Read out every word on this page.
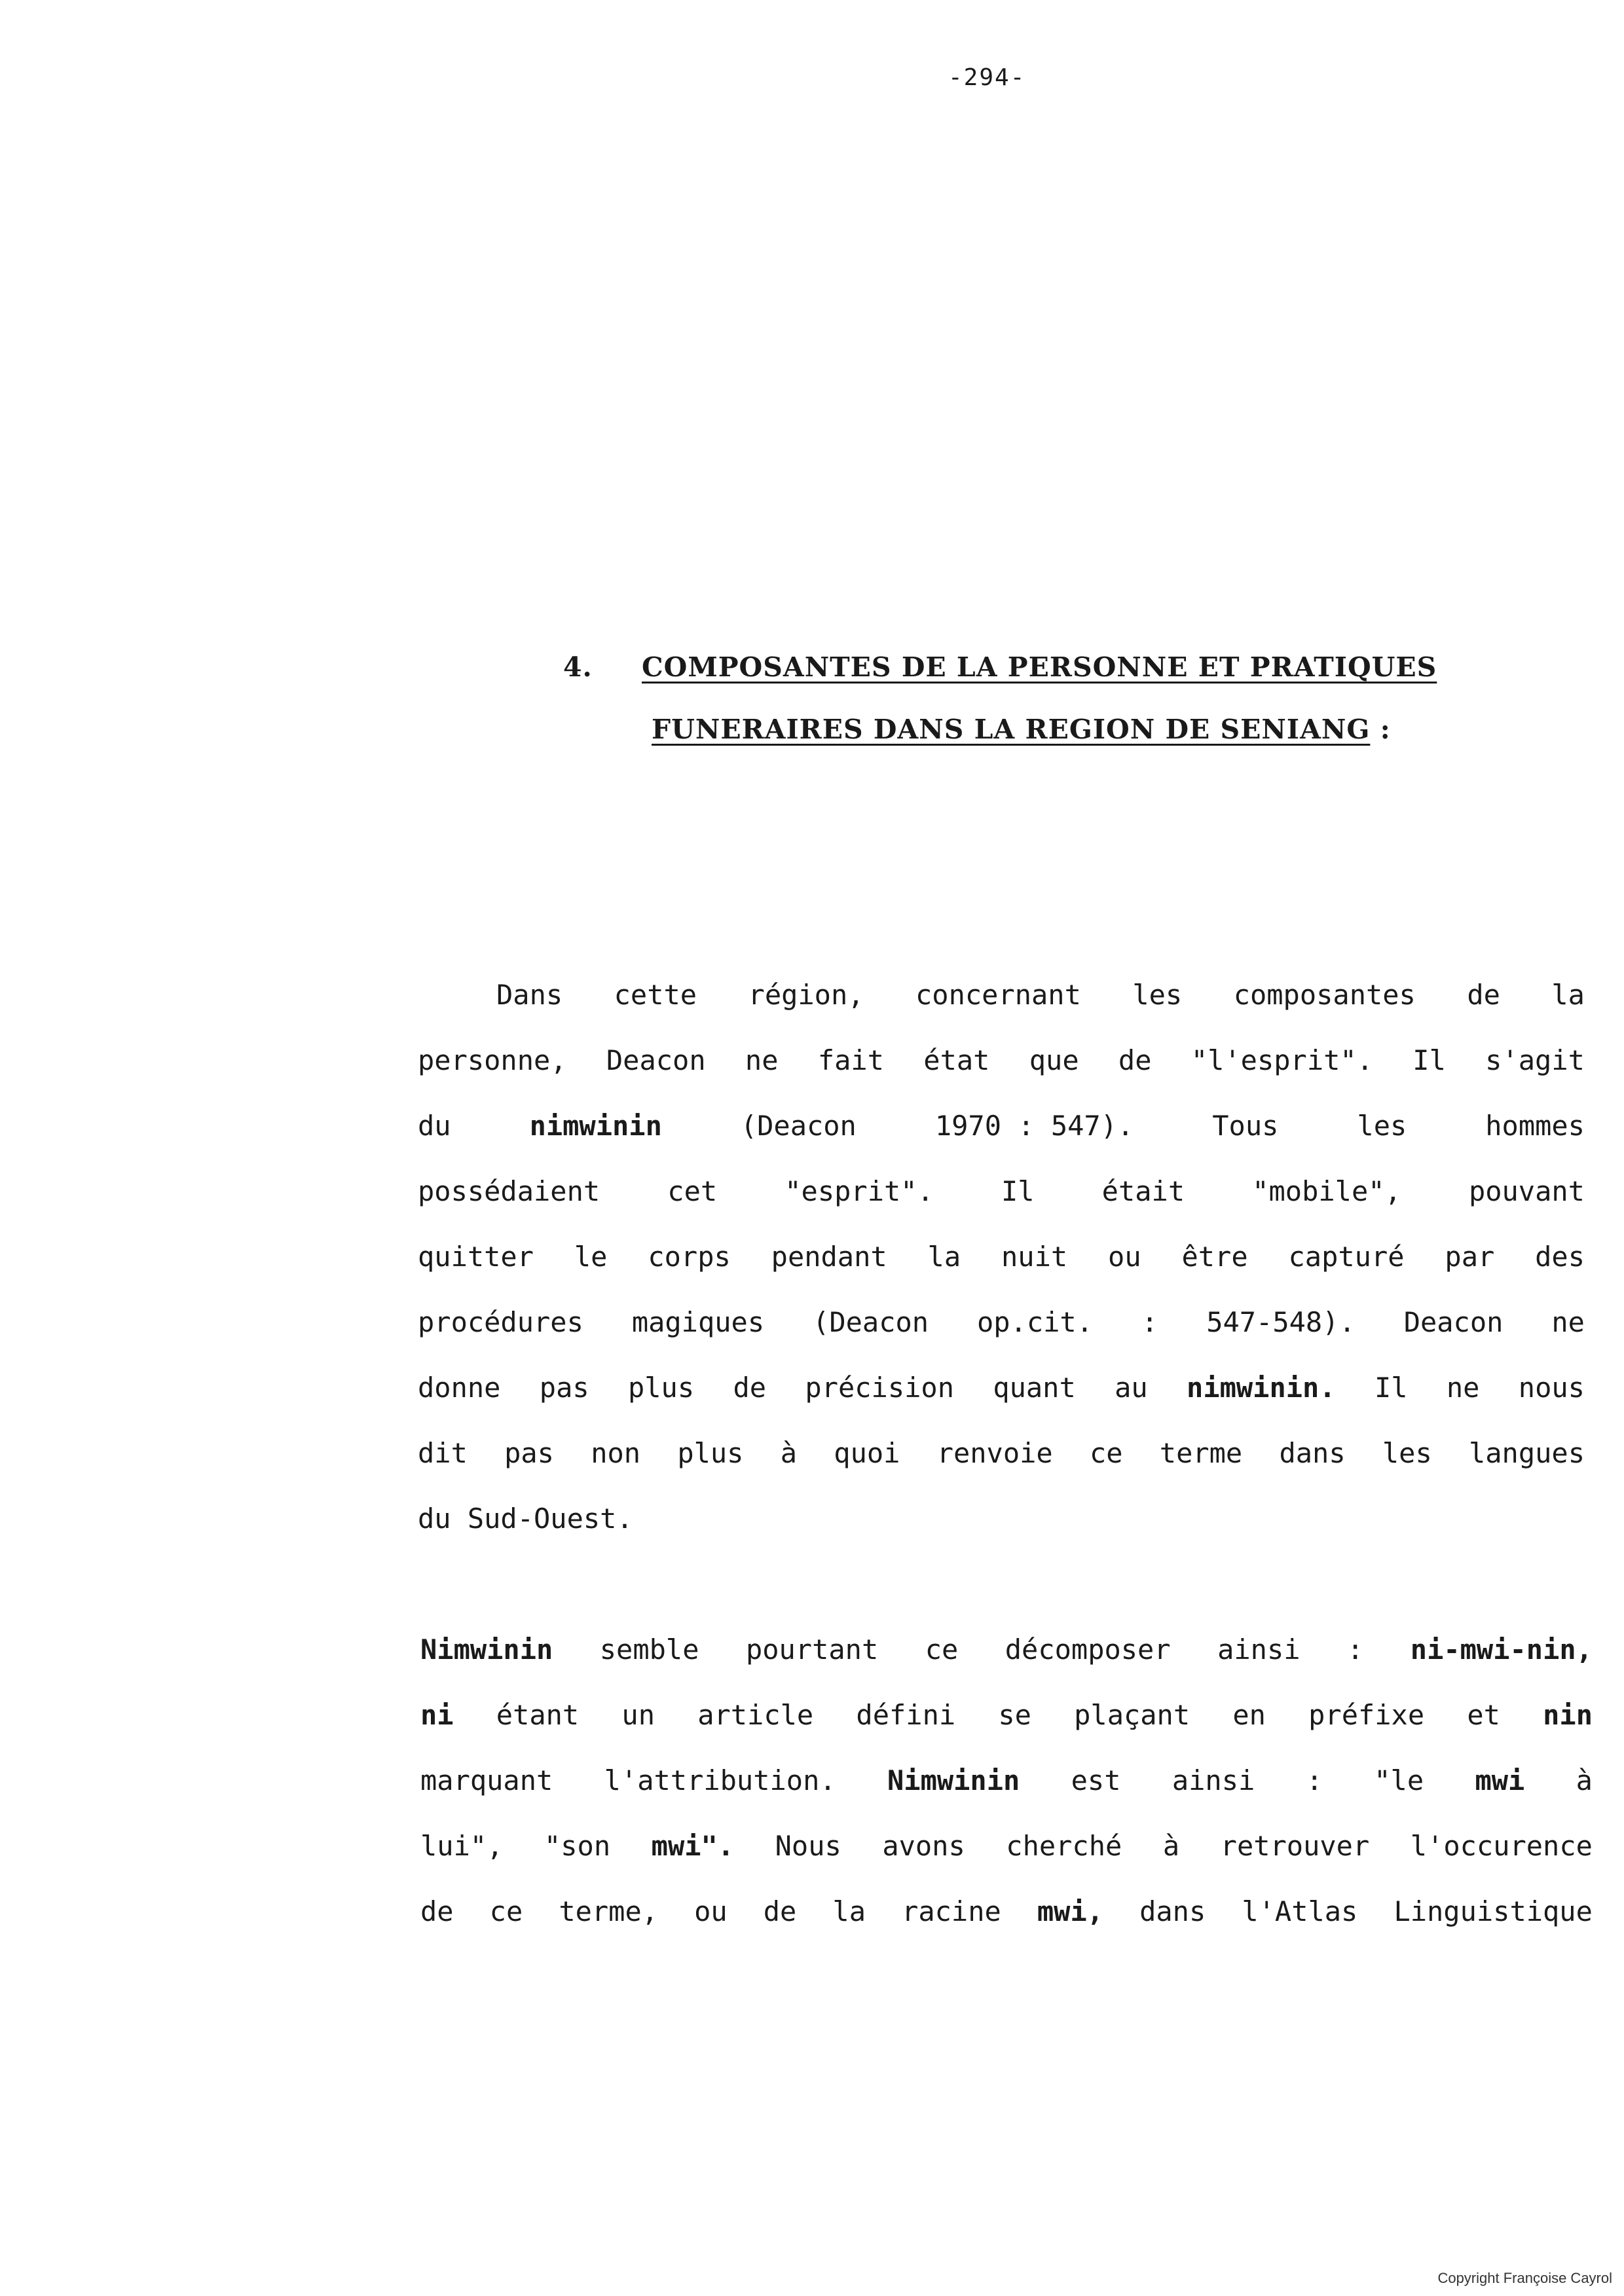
-294-
4. COMPOSANTES DE LA PERSONNE ET PRATIQUES
FUNERAIRES DANS LA REGION DE SENIANG :
Dans cette région, concernant les composantes de la
personne, Deacon ne fait état que de "l'esprit". Il s'agit
du	nimwinin	(Deacon	1970 : 547).	Tous	les	hommes
possédaient cet "esprit". Il était "mobile", pouvant
quitter le corps pendant la nuit ou être capturé par des
procédures magiques (Deacon op.cit. : 547-548). Deacon ne
donne pas plus de précision quant au nimwinin. Il ne nous
dit pas non plus à quoi renvoie ce terme dans les langues
du Sud-Ouest.
Nimwinin semble pourtant ce décomposer ainsi : ni-mwi-nin,
ni étant un article défini se plaçant en préfixe et nin
marquant l'attribution. Nimwinin est ainsi : "le mwi à
lui", "son mwi". Nous avons cherché à retrouver l'occurence
de ce terme, ou de la racine mwi, dans l'Atlas Linguistique
Copyright Françoise Cayrol
